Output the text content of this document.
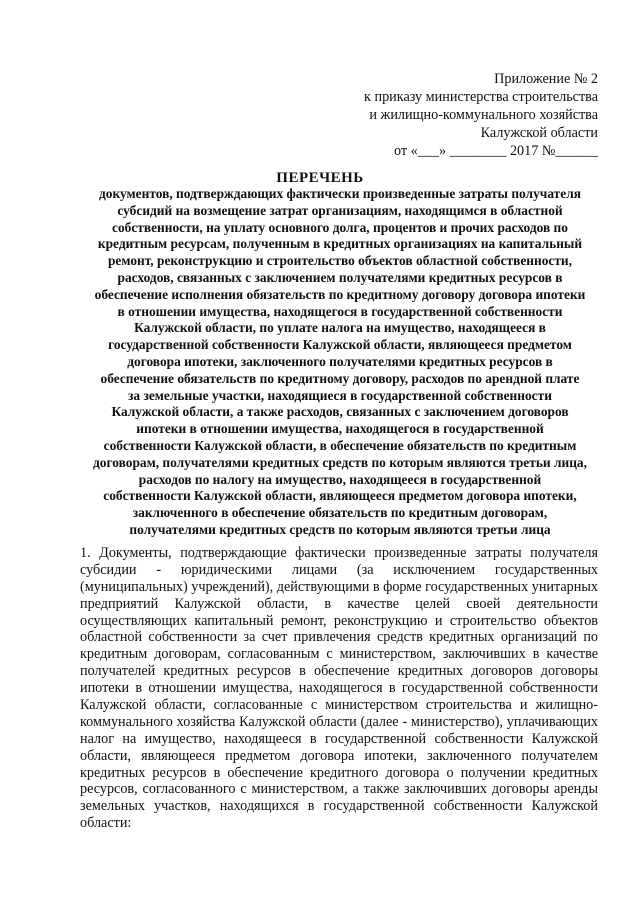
Приложение № 2
к приказу министерства строительства
и жилищно-коммунального хозяйства
Калужской области
от «___» ________ 2017 №______
ПЕРЕЧЕНЬ
документов, подтверждающих фактически произведенные затраты получателя
субсидий на возмещение затрат организациям, находящимся в областной
собственности, на уплату основного долга, процентов и прочих расходов по
кредитным ресурсам, полученным в кредитных организациях на капитальный
ремонт, реконструкцию и строительство объектов областной собственности,
расходов, связанных с заключением получателями кредитных ресурсов в
обеспечение исполнения обязательств по кредитному договору договора ипотеки
в отношении имущества, находящегося в государственной собственности
Калужской области, по уплате налога на имущество, находящееся в
государственной собственности Калужской области, являющееся предметом
договора ипотеки, заключенного получателями кредитных ресурсов в
обеспечение обязательств по кредитному договору, расходов по арендной плате
за земельные участки, находящиеся в государственной собственности
Калужской области, а также расходов, связанных с заключением договоров
ипотеки в отношении имущества, находящегося в государственной
собственности Калужской области, в обеспечение обязательств по кредитным
договорам, получателями кредитных средств по которым являются третьи лица,
расходов по налогу на имущество, находящееся в государственной
собственности Калужской области, являющееся предметом договора ипотеки,
заключенного в обеспечение обязательств по кредитным договорам,
получателями кредитных средств по которым являются третьи лица
1. Документы, подтверждающие фактически произведенные затраты получателя
субсидии - юридическими лицами (за исключением государственных
(муниципальных) учреждений), действующими в форме государственных унитарных
предприятий Калужской области, в качестве целей своей деятельности
осуществляющих капитальный ремонт, реконструкцию и строительство объектов
областной собственности за счет привлечения средств кредитных организаций по
кредитным договорам, согласованным с министерством, заключивших в качестве
получателей кредитных ресурсов в обеспечение кредитных договоров договоры
ипотеки в отношении имущества, находящегося в государственной собственности
Калужской области, согласованные с министерством строительства и жилищно-
коммунального хозяйства Калужской области (далее - министерство), уплачивающих
налог на имущество, находящееся в государственной собственности Калужской
области, являющееся предметом договора ипотеки, заключенного получателем
кредитных ресурсов в обеспечение кредитного договора о получении кредитных
ресурсов, согласованного с министерством, а также заключивших договоры аренды
земельных участков, находящихся в государственной собственности Калужской
области:
